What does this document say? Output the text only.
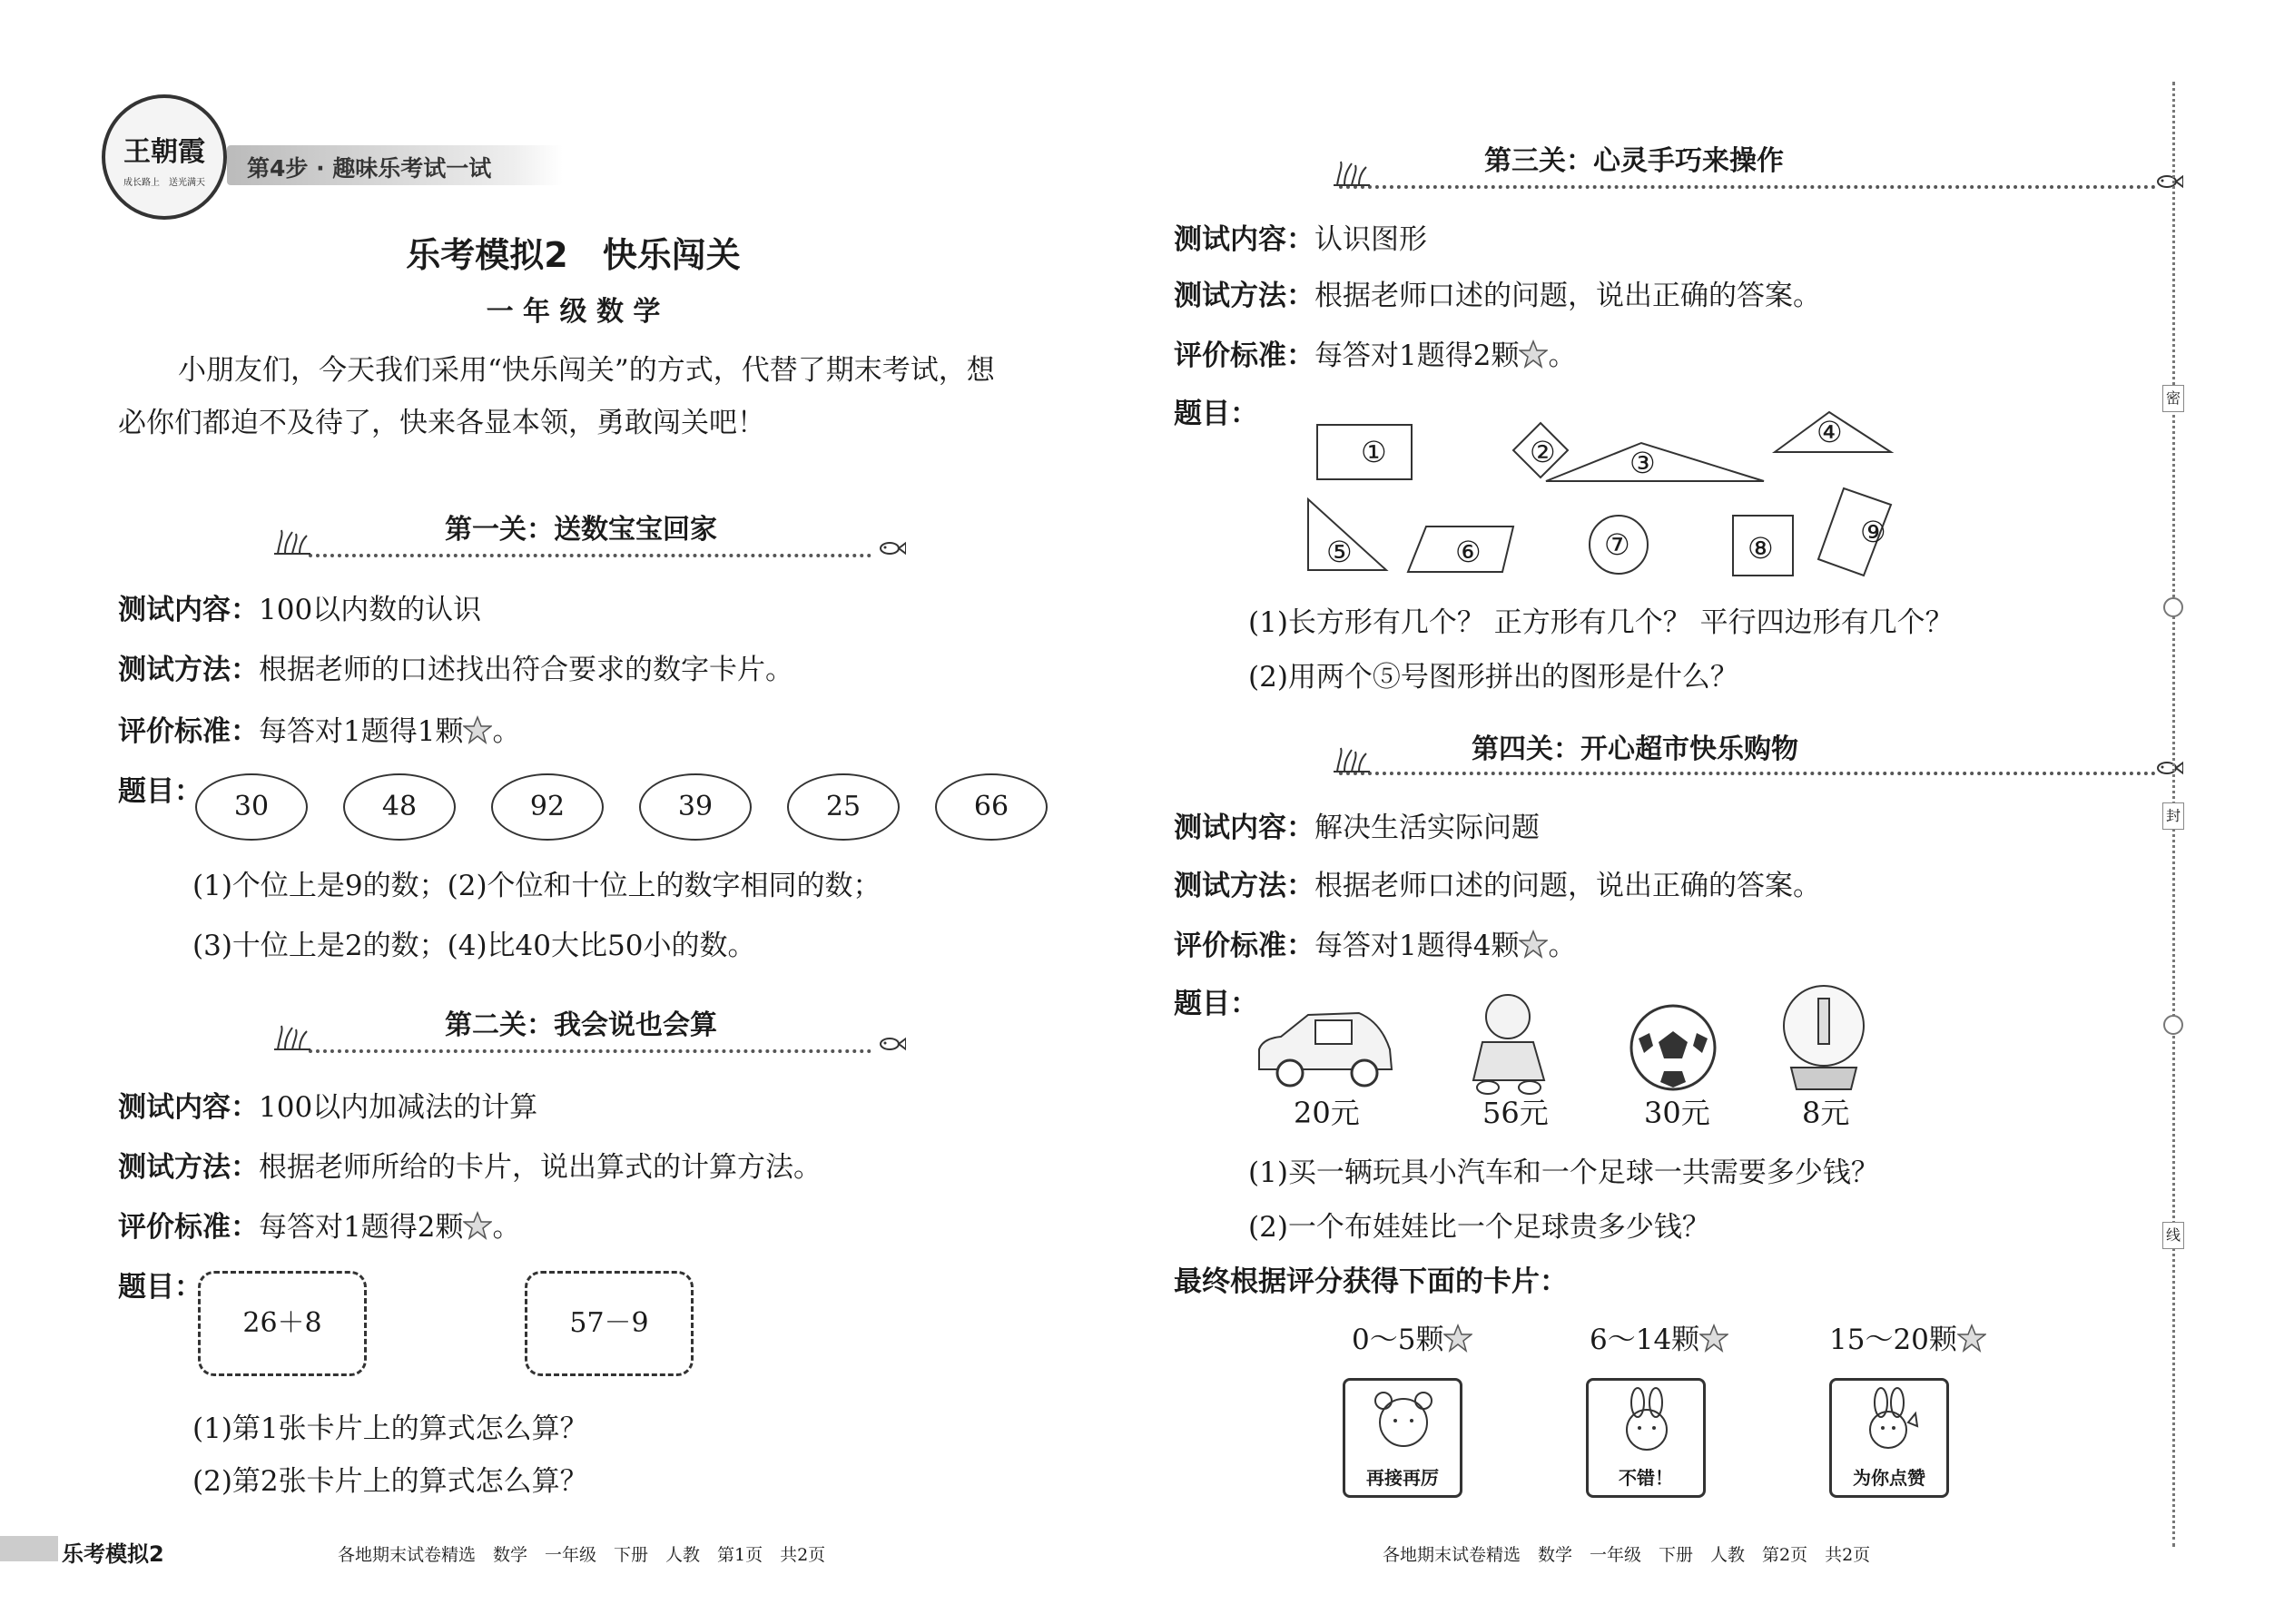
王朝霞
成长路上 送光满天
第4步 · 趣味乐考试一试
乐考模拟2　快乐闯关
一 年 级 数 学
小朋友们，今天我们采用“快乐闯关”的方式，代替了期末考试，想
必你们都迫不及待了，快来各显本领，勇敢闯关吧！
第一关：送数宝宝回家
测试内容：100以内数的认识
测试方法：根据老师的口述找出符合要求的数字卡片。
评价标准：每答对1题得1颗 。
题目：	30	48	92	39	25	66
(1)个位上是9的数；(2)个位和十位上的数字相同的数；
(3)十位上是2的数；(4)比40大比50小的数。
第二关：我会说也会算
测试内容：100以内加减法的计算
测试方法：根据老师所给的卡片，说出算式的计算方法。
评价标准：每答对1题得2颗 。
题目：
26＋8	57－9
(1)第1张卡片上的算式怎么算？
(2)第2张卡片上的算式怎么算？
乐考模拟2	各地期末试卷精选　数学　一年级　下册　人教　第1页　共2页
第三关：心灵手巧来操作
测试内容：认识图形
测试方法：根据老师口述的问题，说出正确的答案。
评价标准：每答对1题得2颗 。
题目：
①	②	③
④
⑤	⑥	⑦	⑧	⑨
(1)长方形有几个？ 正方形有几个？ 平行四边形有几个？
(2)用两个⑤号图形拼出的图形是什么？
第四关：开心超市快乐购物
测试内容：解决生活实际问题
测试方法：根据老师口述的问题，说出正确的答案。
评价标准：每答对1题得4颗 。
题目：
20元	56元	30元	8元
(1)买一辆玩具小汽车和一个足球一共需要多少钱？
(2)一个布娃娃比一个足球贵多少钱？
最终根据评分获得下面的卡片：
0～5颗	6～14颗	15～20颗
再接再厉	不错！	为你点赞
各地期末试卷精选　数学　一年级　下册　人教　第2页　共2页
密
封
线
